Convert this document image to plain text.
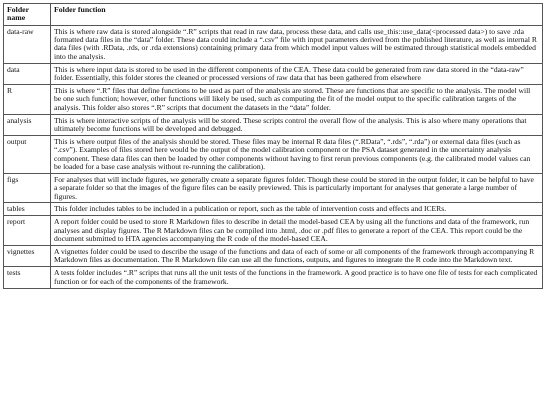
Folder name	Folder function
data-raw	This is where raw data is stored alongside “.R” scripts that read in raw data, process these data, and calls use_this::use_data(<processed data>) to save .rda formatted data files in the “data” folder. These data could include a “.csv” file with input parameters derived from the published literature, as well as internal R data files (with .RData, .rds, or .rda extensions) containing primary data from which model input values will be estimated through statistical models embedded into the analysis.
data	This is where input data is stored to be used in the different components of the CEA. These data could be generated from raw data stored in the “data-raw” folder. Essentially, this folder stores the cleaned or processed versions of raw data that has been gathered from elsewhere
R	This is where “.R” files that define functions to be used as part of the analysis are stored. These are functions that are specific to the analysis. The model will be one such function; however, other functions will likely be used, such as computing the fit of the model output to the specific calibration targets of the analysis. This folder also stores “.R” scripts that document the datasets in the “data” folder.
analysis	This is where interactive scripts of the analysis will be stored. These scripts control the overall flow of the analysis. This is also where many operations that ultimately become functions will be developed and debugged.
output	This is where output files of the analysis should be stored. These files may be internal R data files (“.RData”, “.rds”, “.rda”) or external data files (such as “.csv”). Examples of files stored here would be the output of the model calibration component or the PSA dataset generated in the uncertainty analysis component. These data files can then be loaded by other components without having to first rerun previous components (e.g. the calibrated model values can be loaded for a base case analysis without re-running the calibration).
figs	For analyses that will include figures, we generally create a separate figures folder. Though these could be stored in the output folder, it can be helpful to have a separate folder so that the images of the figure files can be easily previewed. This is particularly important for analyses that generate a large number of figures.
tables	This folder includes tables to be included in a publication or report, such as the table of intervention costs and effects and ICERs.
report	A report folder could be used to store R Markdown files to describe in detail the model-based CEA by using all the functions and data of the framework, run analyses and display figures. The R Markdown files can be compiled into .html, .doc or .pdf files to generate a report of the CEA. This report could be the document submitted to HTA agencies accompanying the R code of the model-based CEA.
vignettes	A vignettes folder could be used to describe the usage of the functions and data of each of some or all components of the framework through accompanying R Markdown files as documentation. The R Markdown file can use all the functions, outputs, and figures to integrate the R code into the Markdown text.
tests	A tests folder includes “.R” scripts that runs all the unit tests of the functions in the framework. A good practice is to have one file of tests for each complicated function or for each of the components of the framework.
